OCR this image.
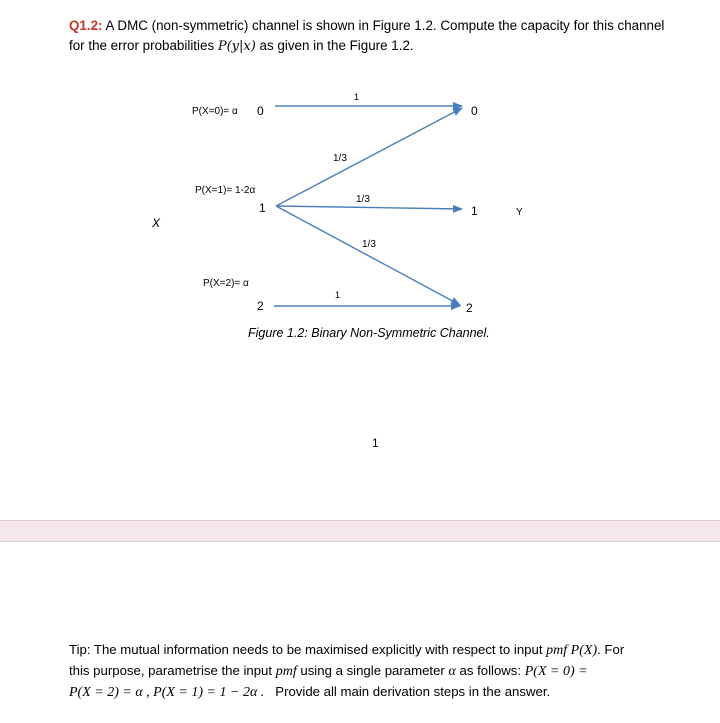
Q1.2: A DMC (non-symmetric) channel is shown in Figure 1.2. Compute the capacity for this channel
for the error probabilities P(y|x) as given in the Figure 1.2.
P(X=0)= α
P(X=1)= 1-2α
P(X=2)= α
0
1
2
0
1
2
X
Y
1
1/3
1/3
1/3
1
Figure 1.2: Binary Non-Symmetric Channel.
1
Tip: The mutual information needs to be maximised explicitly with respect to input pmf P(X). For
this purpose, parametrise the input pmf using a single parameter α as follows: P(X = 0) =
P(X = 2) = α , P(X = 1) = 1 − 2α .   Provide all main derivation steps in the answer.
